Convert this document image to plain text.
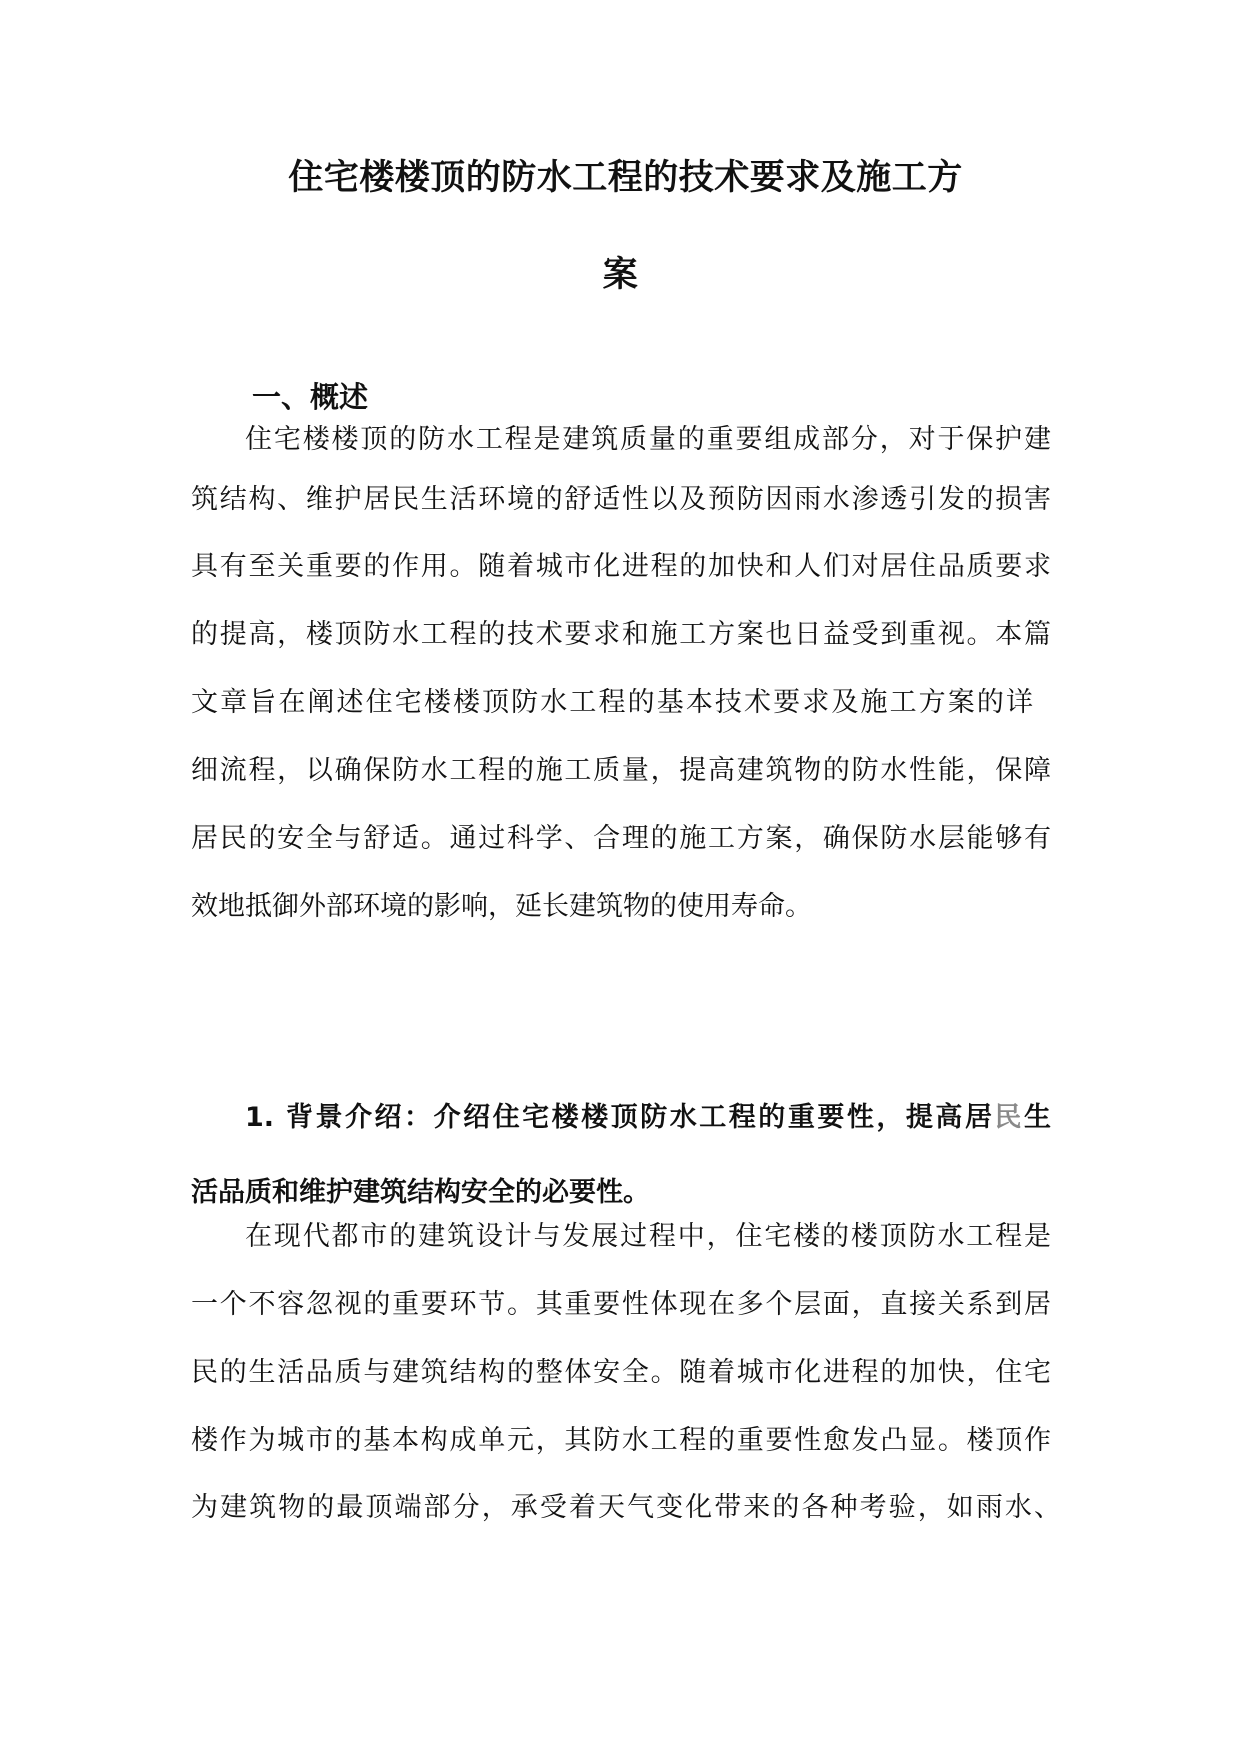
住宅楼楼顶的防水工程的技术要求及施工方
案
一、概述
住宅楼楼顶的防水工程是建筑质量的重要组成部分，对于保护建
筑结构、维护居民生活环境的舒适性以及预防因雨水渗透引发的损害
具有至关重要的作用。随着城市化进程的加快和人们对居住品质要求
的提高，楼顶防水工程的技术要求和施工方案也日益受到重视。本篇
文章旨在阐述住宅楼楼顶防水工程的基本技术要求及施工方案的详
细流程，以确保防水工程的施工质量，提高建筑物的防水性能，保障
居民的安全与舒适。通过科学、合理的施工方案，确保防水层能够有
效地抵御外部环境的影响，延长建筑物的使用寿命。
1. 背景介绍：介绍住宅楼楼顶防水工程的重要性，提高居民生
活品质和维护建筑结构安全的必要性。
在现代都市的建筑设计与发展过程中，住宅楼的楼顶防水工程是
一个不容忽视的重要环节。其重要性体现在多个层面，直接关系到居
民的生活品质与建筑结构的整体安全。随着城市化进程的加快，住宅
楼作为城市的基本构成单元，其防水工程的重要性愈发凸显。楼顶作
为建筑物的最顶端部分，承受着天气变化带来的各种考验，如雨水、
